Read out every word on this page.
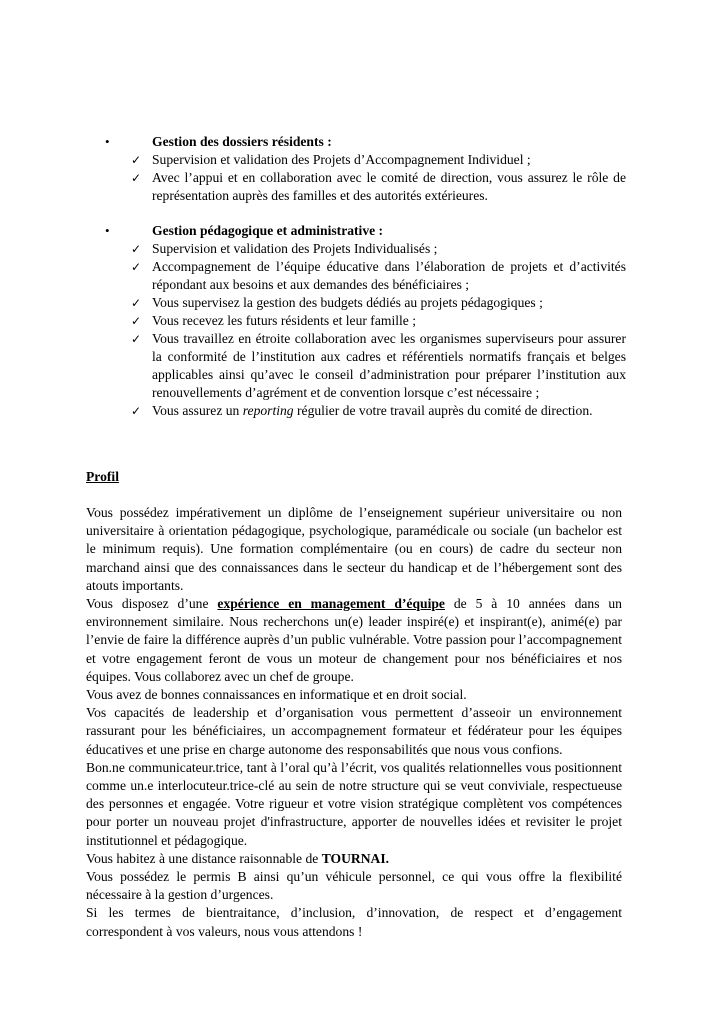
•	Gestion des dossiers résidents :
✓ Supervision et validation des Projets d’Accompagnement Individuel ;
✓ Avec l’appui et en collaboration avec le comité de direction, vous assurez le rôle de représentation auprès des familles et des autorités extérieures.
•	Gestion pédagogique et administrative :
✓ Supervision et validation des Projets Individualisés ;
✓ Accompagnement de l’équipe éducative dans l’élaboration de projets et d’activités répondant aux besoins et aux demandes des bénéficiaires ;
✓ Vous supervisez la gestion des budgets dédiés au projets pédagogiques ;
✓ Vous recevez les futurs résidents et leur famille ;
✓ Vous travaillez en étroite collaboration avec les organismes superviseurs pour assurer la conformité de l’institution aux cadres et référentiels normatifs français et belges applicables ainsi qu’avec le conseil d’administration pour préparer l’institution aux renouvellements d’agrément et de convention lorsque c’est nécessaire ;
✓ Vous assurez un reporting régulier de votre travail auprès du comité de direction.
Profil

Vous possédez impérativement un diplôme de l’enseignement supérieur universitaire ou non universitaire à orientation pédagogique, psychologique, paramédicale ou sociale (un bachelor est le minimum requis). Une formation complémentaire (ou en cours) de cadre du secteur non marchand ainsi que des connaissances dans le secteur du handicap et de l’hébergement sont des atouts importants.

Vous disposez d’une expérience en management d’équipe de 5 à 10 années dans un environnement similaire. Nous recherchons un(e) leader inspiré(e) et inspirant(e), animé(e) par l’envie de faire la différence auprès d’un public vulnérable. Votre passion pour l’accompagnement et votre engagement feront de vous un moteur de changement pour nos bénéficiaires et nos équipes. Vous collaborez avec un chef de groupe.

Vous avez de bonnes connaissances en informatique et en droit social.

Vos capacités de leadership et d’organisation vous permettent d’asseoir un environnement rassurant pour les bénéficiaires, un accompagnement formateur et fédérateur pour les équipes éducatives et une prise en charge autonome des responsabilités que nous vous confions.

Bon.ne communicateur.trice, tant à l’oral qu’à l’écrit, vos qualités relationnelles vous positionnent comme un.e interlocuteur.trice-clé au sein de notre structure qui se veut conviviale, respectueuse des personnes et engagée. Votre rigueur et votre vision stratégique complètent vos compétences pour porter un nouveau projet d'infrastructure, apporter de nouvelles idées et revisiter le projet institutionnel et pédagogique.

Vous habitez à une distance raisonnable de TOURNAI.

Vous possédez le permis B ainsi qu’un véhicule personnel, ce qui vous offre la flexibilité nécessaire à la gestion d’urgences.

Si les termes de bientraitance, d’inclusion, d’innovation, de respect et d’engagement correspondent à vos valeurs, nous vous attendons !
